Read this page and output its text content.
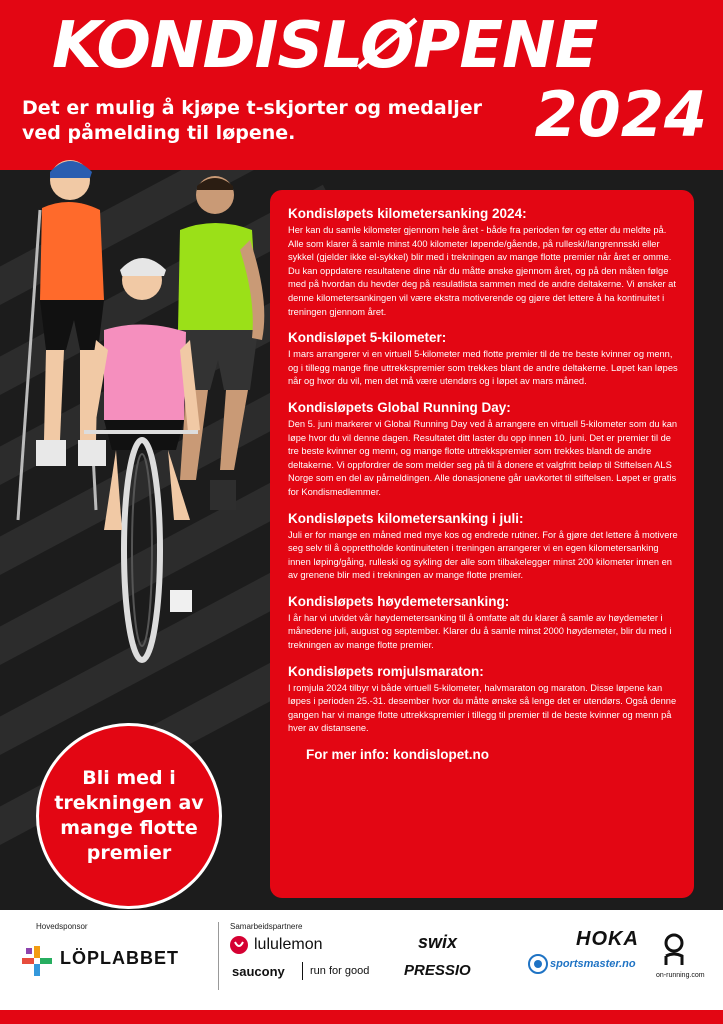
KONDISLØPENE
Det er mulig å kjøpe t-skjorter og medaljer ved påmelding til løpene.	2024
Kondisløpets kilometersanking 2024:

Her kan du samle kilometer gjennom hele året - både fra perioden før og etter du meldte på. Alle som klarer å samle minst 400 kilometer løpende/gående, på rulleski/langrennsski eller sykkel (gjelder ikke el-sykkel) blir med i trekningen av mange flotte premier når året er omme. Du kan oppdatere resultatene dine når du måtte ønske gjennom året, og på den måten følge med på hvordan du hevder deg på resulatlista sammen med de andre deltakerne. Vi ønsker at denne kilometersankingen vil være ekstra motiverende og gjøre det lettere å ha kontinuitet i treningen gjennom året.

Kondisløpet 5-kilometer:

I mars arrangerer vi en virtuell 5-kilometer med flotte premier til de tre beste kvinner og menn, og i tillegg mange fine uttrekkspremier som trekkes blant de andre deltakerne. Løpet kan løpes når og hvor du vil, men det må være utendørs og i løpet av mars måned.

Kondisløpets Global Running Day:

Den 5. juni markerer vi Global Running Day ved å arrangere en virtuell 5-kilometer som du kan løpe hvor du vil denne dagen. Resultatet ditt laster du opp innen 10. juni. Det er premier til de tre beste kvinner og menn, og mange flotte uttrekkspremier som trekkes blandt de andre deltakerne. Vi oppfordrer de som melder seg på til å donere et valgfritt beløp til Stiftelsen ALS Norge som en del av påmeldingen. Alle donasjonene går uavkortet til stiftelsen. Løpet er gratis for Kondismedlemmer.

Kondisløpets kilometersanking i juli:

Juli er for mange en måned med mye kos og endrede rutiner. For å gjøre det lettere å motivere seg selv til å opprettholde kontinuiteten i treningen arrangerer vi en egen kilometersanking innen løping/gåing, rulleski og sykling der alle som tilbakelegger minst 200 kilometer innen en av grenene blir med i trekningen av mange flotte premier.

Kondisløpets høydemetersanking:

I år har vi utvidet vår høydemetersanking til å omfatte alt du klarer å samle av høydemeter i månedene juli, august og september. Klarer du å samle minst 2000 høydemeter, blir du med i trekningen av mange flotte premier.

Kondisløpets romjulsmaraton:

I romjula 2024 tilbyr vi både virtuell 5-kilometer, halvmaraton og maraton. Disse løpene kan løpes i perioden 25.-31. desember hvor du måtte ønske så lenge det er utendørs. Også denne gangen har vi mange flotte uttrekkspremier i tillegg til premier til de beste kvinner og menn på hver av distansene.

For mer info: kondislopet.no
Bli med i trekningen av mange flotte premier
Hovedsponsor
LÖPLABBET
Samarbeidspartnere
lululemon
saucony run for good
swix
PRESSIO	sportsmaster.no
HOKA
on-running.com
